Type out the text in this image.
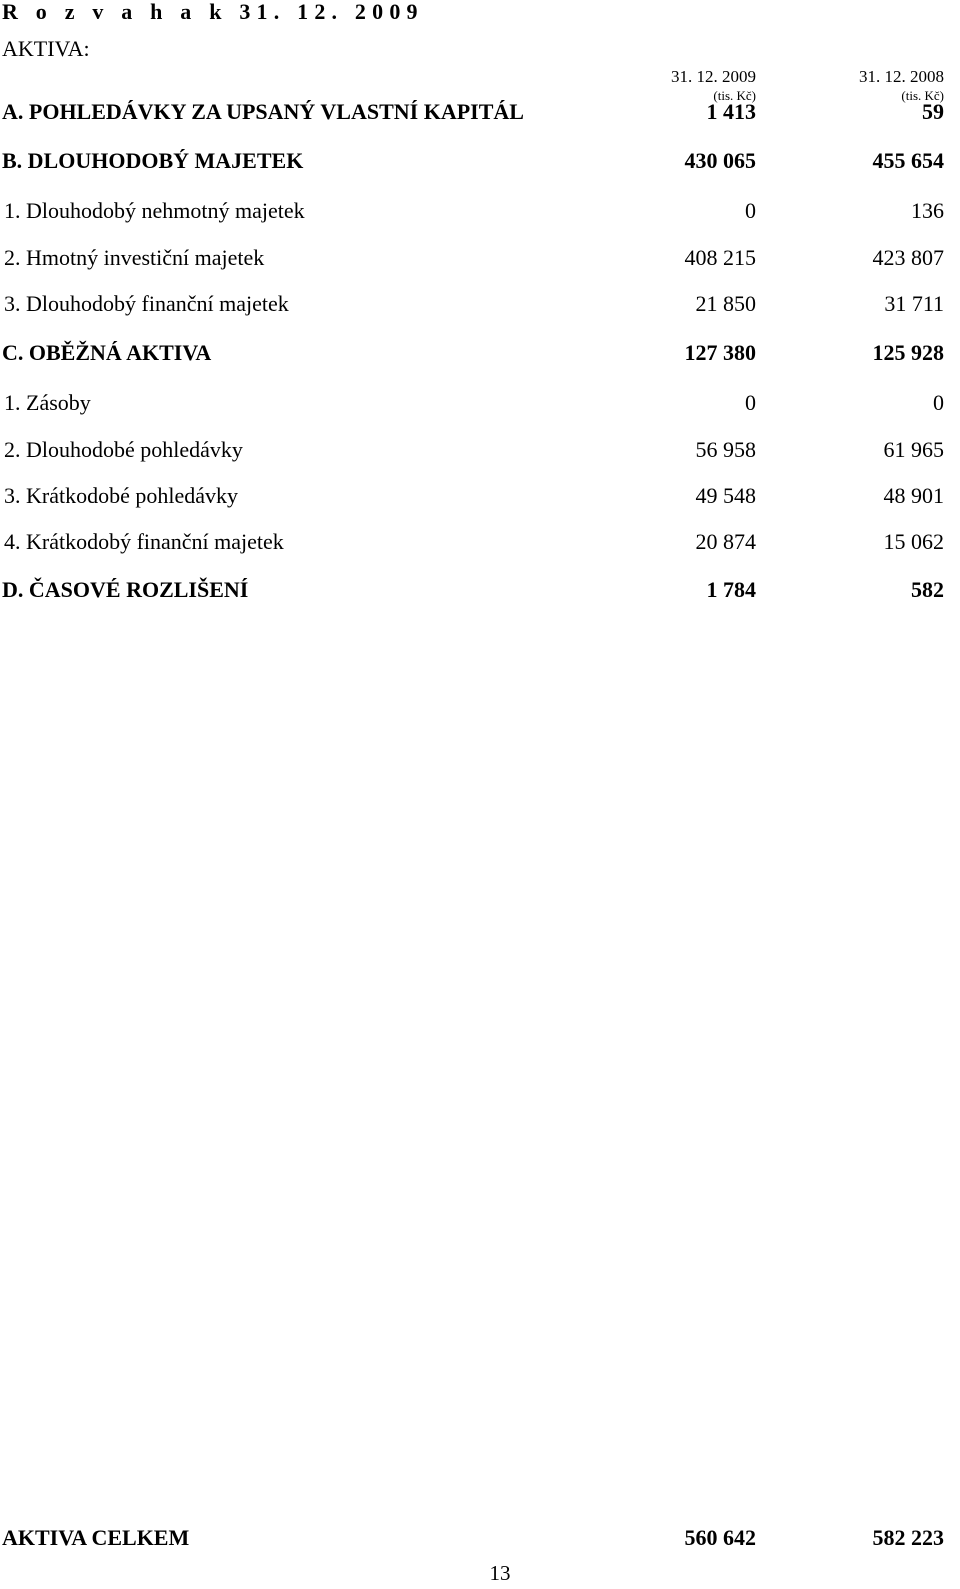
R o z v a h a k 31. 12. 2009
AKTIVA:
31. 12. 2009
(tis. Kč)
31. 12. 2008
(tis. Kč)
A. POHLEDÁVKY ZA UPSANÝ VLASTNÍ KAPITÁL	1 413	59
B. DLOUHODOBÝ MAJETEK	430 065	455 654
1. Dlouhodobý nehmotný majetek	0	136
2. Hmotný investiční majetek	408 215	423 807
3. Dlouhodobý finanční majetek	21 850	31 711
C. OBĚŽNÁ AKTIVA	127 380	125 928
1. Zásoby	0	0
2. Dlouhodobé pohledávky	56 958	61 965
3. Krátkodobé pohledávky	49 548	48 901
4. Krátkodobý finanční majetek	20 874	15 062
D. ČASOVÉ ROZLIŠENÍ	1 784	582
AKTIVA CELKEM	560 642	582 223
13
